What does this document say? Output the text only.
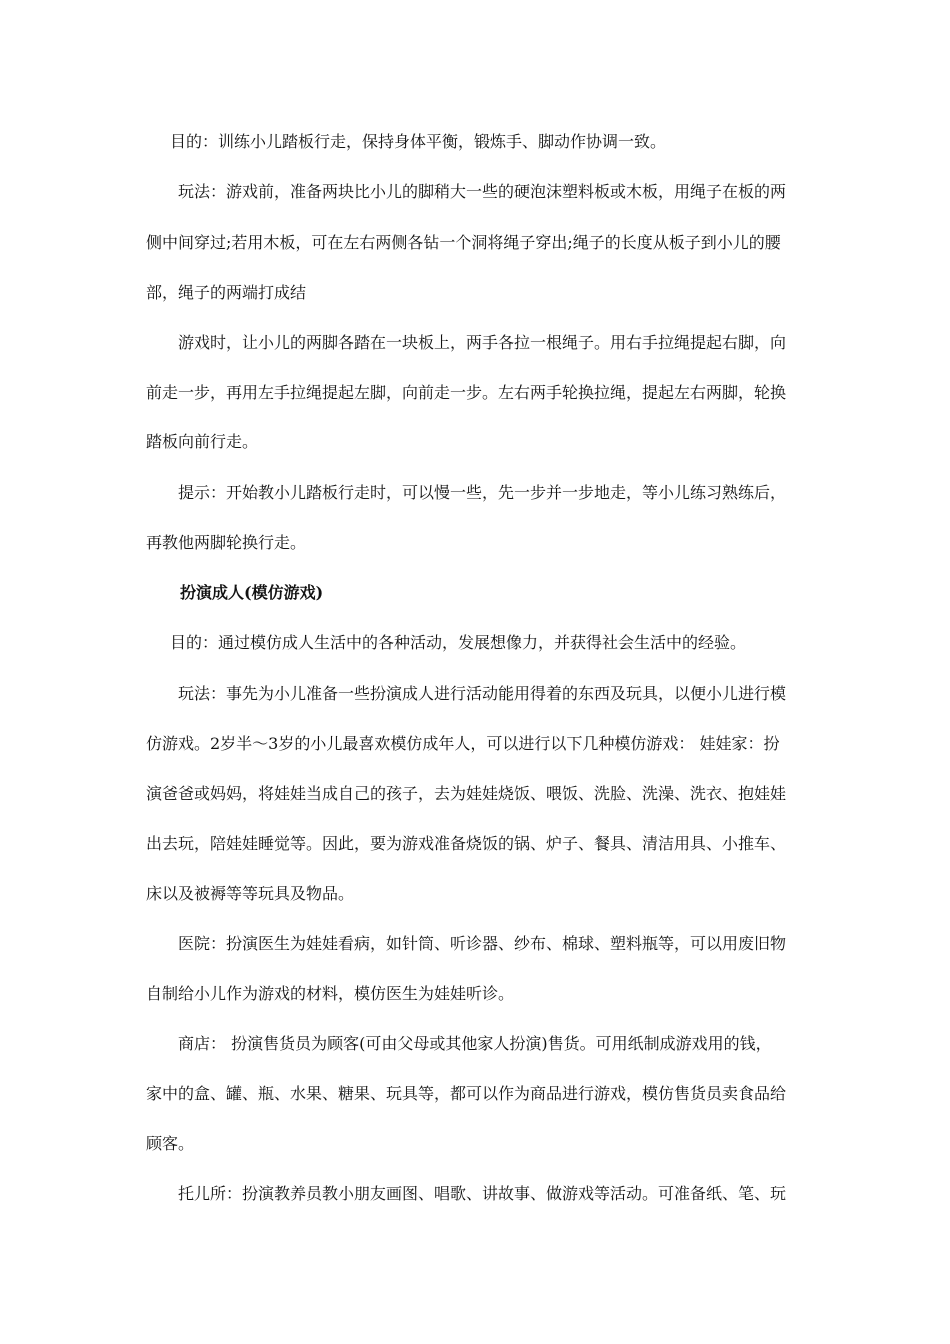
目的：训练小儿踏板行走，保持身体平衡，锻炼手、脚动作协调一致。
玩法：游戏前，准备两块比小儿的脚稍大一些的硬泡沫塑料板或木板，用绳子在板的两
侧中间穿过;若用木板，可在左右两侧各钻一个洞将绳子穿出;绳子的长度从板子到小儿的腰
部，绳子的两端打成结
游戏时，让小儿的两脚各踏在一块板上，两手各拉一根绳子。用右手拉绳提起右脚，向
前走一步，再用左手拉绳提起左脚，向前走一步。左右两手轮换拉绳，提起左右两脚，轮换
踏板向前行走。
提示：开始教小儿踏板行走时，可以慢一些，先一步并一步地走，等小儿练习熟练后，
再教他两脚轮换行走。
扮演成人(模仿游戏)
目的：通过模仿成人生活中的各种活动，发展想像力，并获得社会生活中的经验。
玩法：事先为小儿准备一些扮演成人进行活动能用得着的东西及玩具，以便小儿进行模
仿游戏。2岁半～3岁的小儿最喜欢模仿成年人，可以进行以下几种模仿游戏： 娃娃家：扮
演爸爸或妈妈，将娃娃当成自己的孩子，去为娃娃烧饭、喂饭、洗脸、洗澡、洗衣、抱娃娃
出去玩，陪娃娃睡觉等。因此，要为游戏准备烧饭的锅、炉子、餐具、清洁用具、小推车、
床以及被褥等等玩具及物品。
医院：扮演医生为娃娃看病，如针筒、听诊器、纱布、棉球、塑料瓶等，可以用废旧物
自制给小儿作为游戏的材料，模仿医生为娃娃听诊。
商店： 扮演售货员为顾客(可由父母或其他家人扮演)售货。可用纸制成游戏用的钱，
家中的盒、罐、瓶、水果、糖果、玩具等，都可以作为商品进行游戏，模仿售货员卖食品给
顾客。
托儿所：扮演教养员教小朋友画图、唱歌、讲故事、做游戏等活动。可准备纸、笔、玩
